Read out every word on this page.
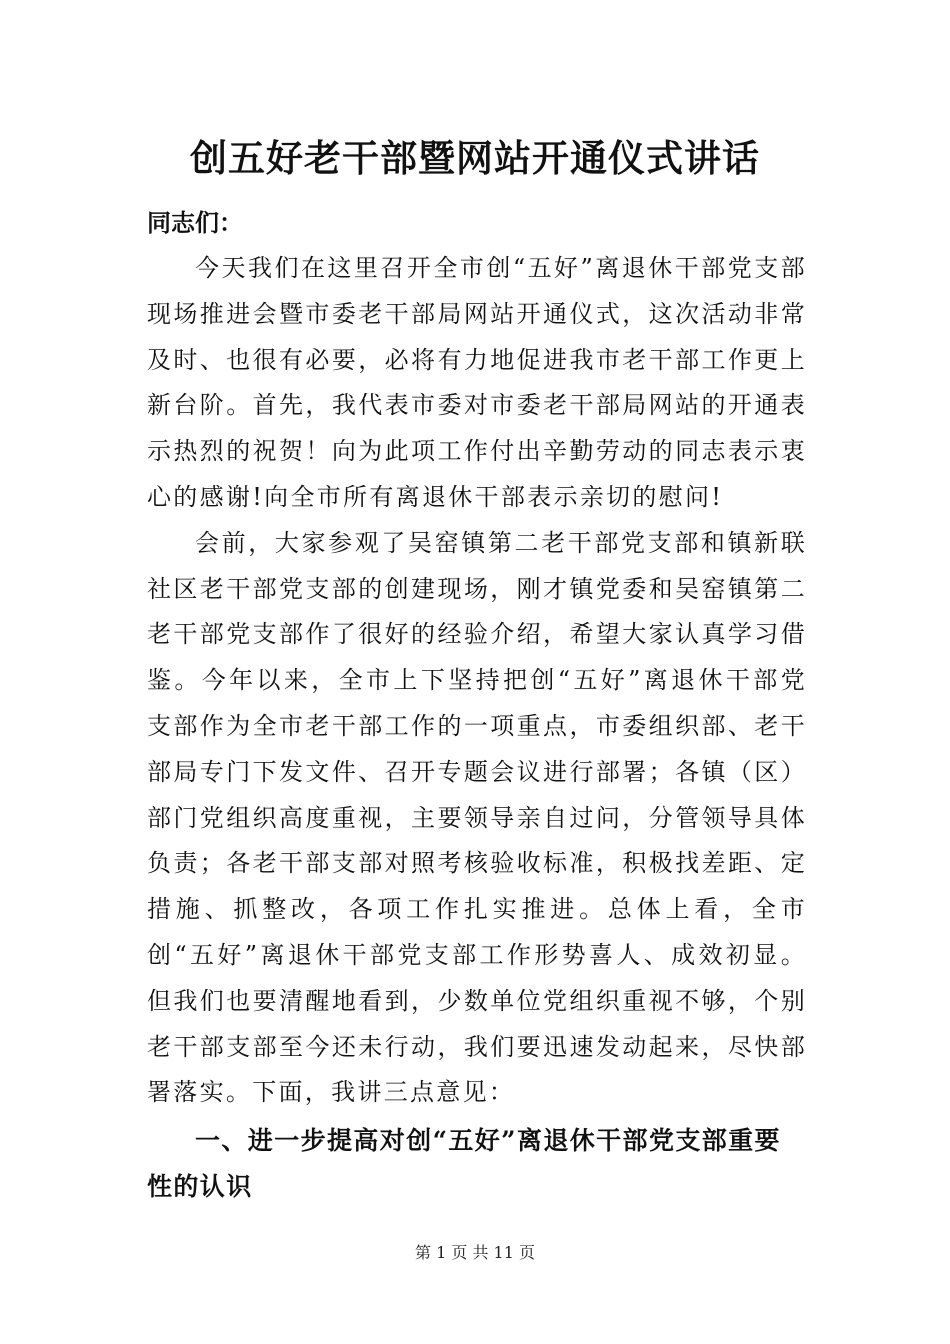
创五好老干部暨网站开通仪式讲话

同志们：

今天我们在这里召开全市创“五好”离退休干部党支部现场推进会暨市委老干部局网站开通仪式，这次活动非常及时、也很有必要，必将有力地促进我市老干部工作更上新台阶。首先，我代表市委对市委老干部局网站的开通表示热烈的祝贺！向为此项工作付出辛勤劳动的同志表示衷心的感谢!向全市所有离退休干部表示亲切的慰问!

会前，大家参观了吴窑镇第二老干部党支部和镇新联社区老干部党支部的创建现场，刚才镇党委和吴窑镇第二老干部党支部作了很好的经验介绍，希望大家认真学习借鉴。今年以来，全市上下坚持把创“五好”离退休干部党支部作为全市老干部工作的一项重点，市委组织部、老干部局专门下发文件、召开专题会议进行部署；各镇（区）部门党组织高度重视，主要领导亲自过问，分管领导具体负责；各老干部支部对照考核验收标准，积极找差距、定措施、抓整改，各项工作扎实推进。总体上看，全市创“五好”离退休干部党支部工作形势喜人、成效初显。但我们也要清醒地看到，少数单位党组织重视不够，个别老干部支部至今还未行动，我们要迅速发动起来，尽快部署落实。下面，我讲三点意见：

一、进一步提高对创“五好”离退休干部党支部重要性的认识

第 1 页 共 11 页
